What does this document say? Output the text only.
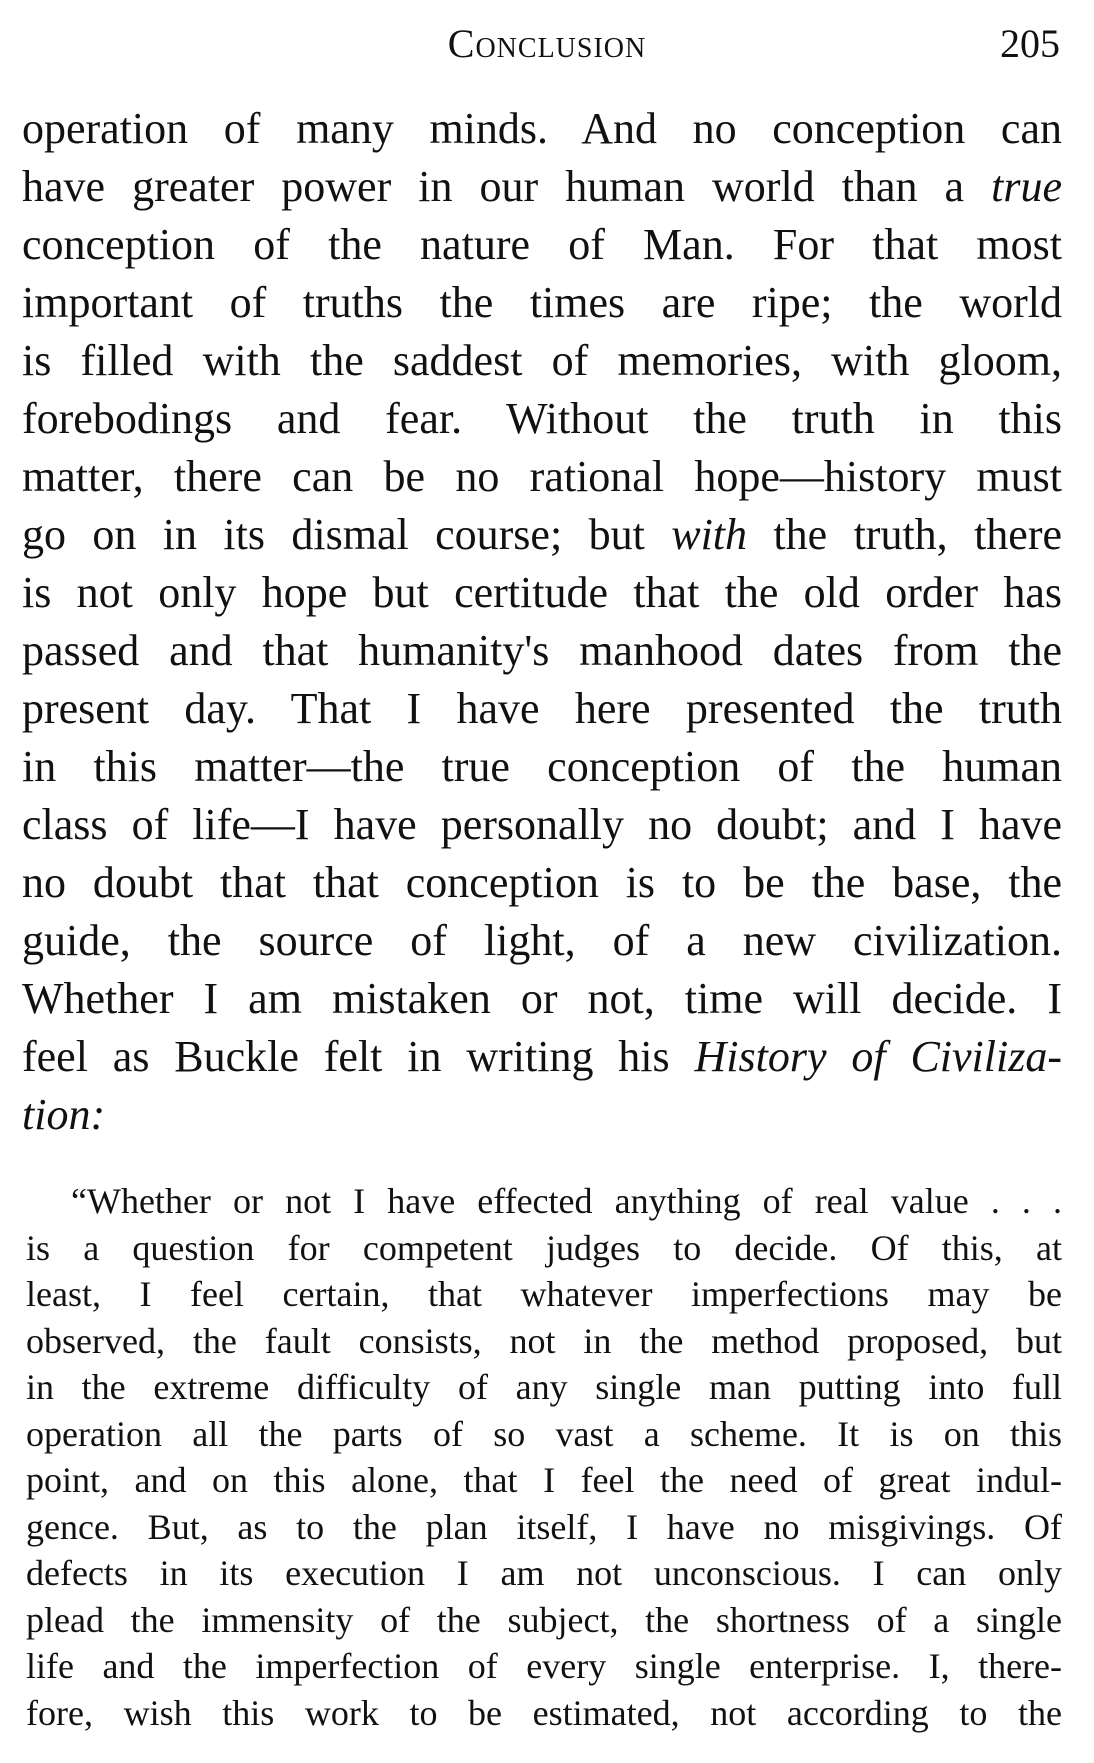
Conclusion	205
operation of many minds. And no conception can
have greater power in our human world than a true
conception of the nature of Man. For that most
important of truths the times are ripe; the world
is filled with the saddest of memories, with gloom,
forebodings and fear. Without the truth in this
matter, there can be no rational hope—history must
go on in its dismal course; but with the truth, there
is not only hope but certitude that the old order has
passed and that humanity's manhood dates from the
present day. That I have here presented the truth
in this matter—the true conception of the human
class of life—I have personally no doubt; and I have
no doubt that that conception is to be the base, the
guide, the source of light, of a new civilization.
Whether I am mistaken or not, time will decide. I
feel as Buckle felt in writing his History of Civiliza-
tion:
“Whether or not I have effected anything of real value . . .
is a question for competent judges to decide. Of this, at
least, I feel certain, that whatever imperfections may be
observed, the fault consists, not in the method proposed, but
in the extreme difficulty of any single man putting into full
operation all the parts of so vast a scheme. It is on this
point, and on this alone, that I feel the need of great indul-
gence. But, as to the plan itself, I have no misgivings. Of
defects in its execution I am not unconscious. I can only
plead the immensity of the subject, the shortness of a single
life and the imperfection of every single enterprise. I, there-
fore, wish this work to be estimated, not according to the
